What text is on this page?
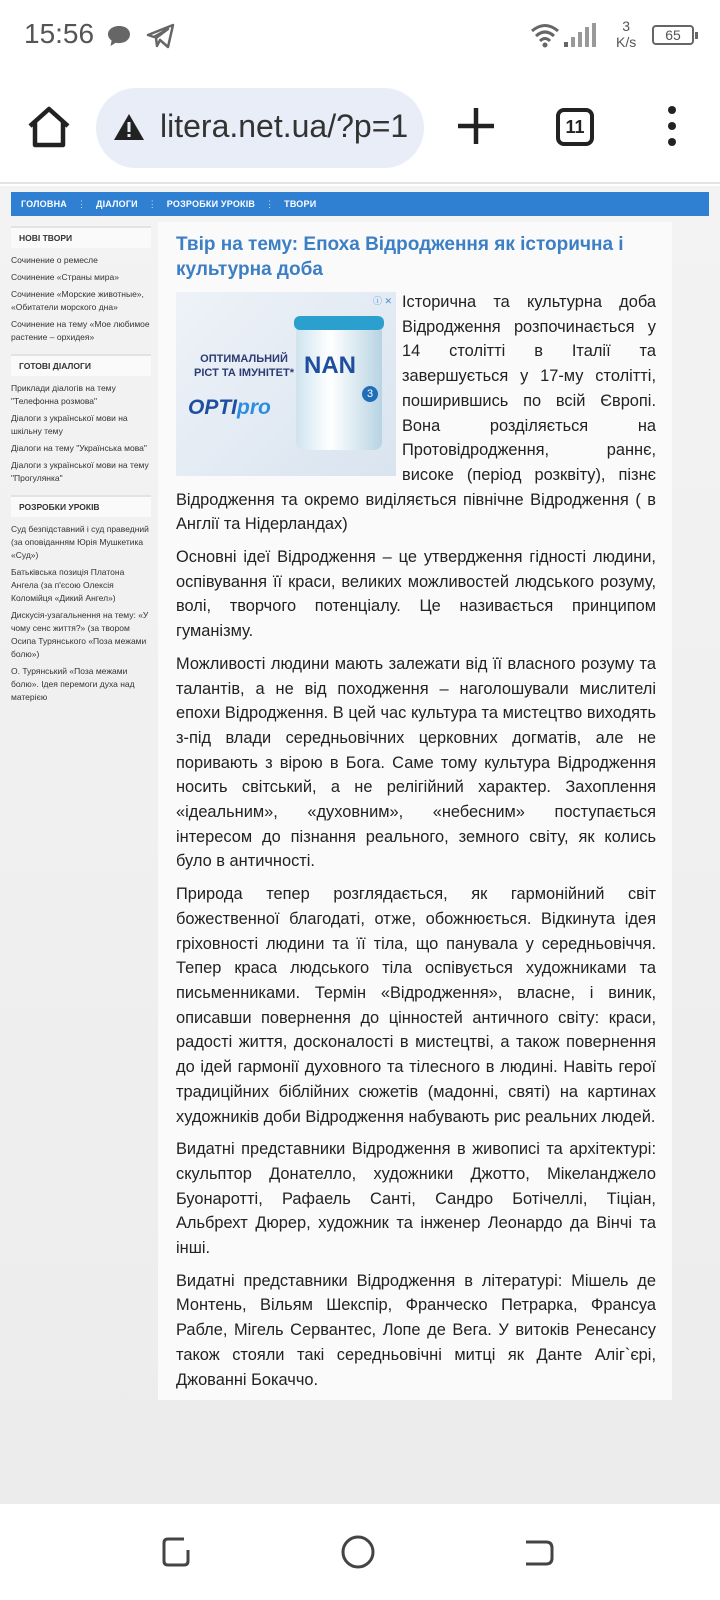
15:56	3
K/s	65
litera.net.ua/?p=1	11
ГОЛОВНА ⋮ ДІАЛОГИ ⋮ РОЗРОБКИ УРОКІВ ⋮ ТВОРИ
НОВІ ТВОРИ
Сочинение о ремесле
Сочинение «Страны мира»
Сочинение «Морские животные», «Обитатели морского дна»
Сочинение на тему «Мое любимое растение – орхидея»
ГОТОВІ ДІАЛОГИ
Приклади діалогів на тему "Телефонна розмова"
Діалоги з української мови на шкільну тему
Діалоги на тему "Українська мова"
Діалоги з української мови на тему "Прогулянка"
РОЗРОБКИ УРОКІВ
Суд безпідставний і суд праведний (за оповіданням Юрія Мушкетика «Суд»)
Батьківська позиція Платона Ангела (за п'єсою Олексія Коломійця «Дикий Ангел»)
Дискусія-узагальнення на тему: «У чому сенс життя?» (за твором Осипа Турянського «Поза межами болю»)
О. Турянський «Поза межами болю». Ідея перемоги духа над матерією
Твір на тему: Епоха Відродження як історична і культурна доба
ⓘ ✕
ОПТИМАЛЬНИЙ РІСТ ТА ІМУНІТЕТ*
OPTIpro
NAN
3

Історична та культурна доба Відродження розпочинається у 14 столітті в Італії та завершується у 17-му столітті, поширившись по всій Європі. Вона розділяється на Протовідродження, раннє, високе (період розквіту), пізнє Відродження та окремо виділяється північне Відродження ( в Англії та Нідерландах)

Основні ідеї Відродження – це утвердження гідності людини, оспівування її краси, великих можливостей людського розуму, волі, творчого потенціалу. Це називається принципом гуманізму.

Можливості людини мають залежати від її власного розуму та талантів, а не від походження – наголошували мислителі епохи Відродження. В цей час культура та мистецтво виходять з-під влади середньовічних церковних догматів, але не поривають з вірою в Бога. Саме тому культура Відродження носить світський, а не релігійний характер. Захоплення «ідеальним», «духовним», «небесним» поступається інтересом до пізнання реального, земного світу, як колись було в античності.

Природа тепер розглядається, як гармонійний світ божественної благодаті, отже, обожнюється. Відкинута ідея гріховності людини та її тіла, що панувала у середньовіччя. Тепер краса людського тіла оспівується художниками та письменниками. Термін «Відродження», власне, і виник, описавши повернення до цінностей античного світу: краси, радості життя, досконалості в мистецтві, а також повернення до ідей гармонії духовного та тілесного в людині. Навіть герої традиційних біблійних сюжетів (мадонні, святі) на картинах художників доби Відродження набувають рис реальних людей.

Видатні представники Відродження в живописі та архітектурі: скульптор Донателло, художники Джотто, Мікеланджело Буонаротті, Рафаель Санті, Сандро Ботічеллі, Тіціан, Альбрехт Дюрер, художник та інженер Леонардо да Вінчі та інші.

Видатні представники Відродження в літературі: Мішель де Монтень, Вільям Шекспір, Франческо Петрарка, Франсуа Рабле, Мігель Сервантес, Лопе де Вега. У витоків Ренесансу також стояли такі середньовічні митці як Данте Аліг`єрі, Джованні Бокаччо.
